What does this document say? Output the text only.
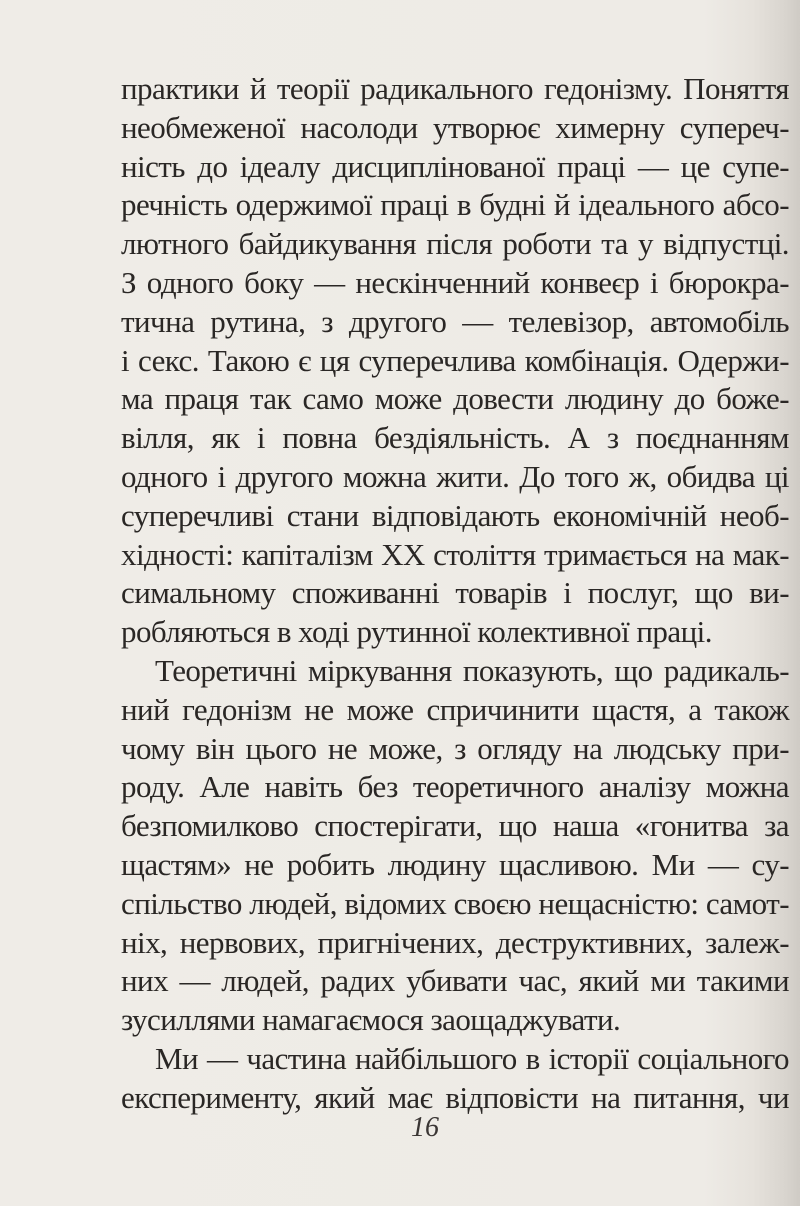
практики й теорії радикального гедонізму. Поняття
необмеженої насолоди утворює химерну супереч-
ність до ідеалу дисциплінованої праці — це супе-
речність одержимої праці в будні й ідеального абсо-
лютного байдикування після роботи та у відпустці.
З одного боку — нескінченний конвеєр і бюрокра-
тична рутина, з другого — телевізор, автомобіль
і секс. Такою є ця суперечлива комбінація. Одержи-
ма праця так само може довести людину до боже-
вілля, як і повна бездіяльність. А з поєднанням
одного і другого можна жити. До того ж, обидва ці
суперечливі стани відповідають економічній необ-
хідності: капіталізм XX століття тримається на мак-
симальному споживанні товарів і послуг, що ви-
робляються в ході рутинної колективної праці.
Теоретичні міркування показують, що радикаль-
ний гедонізм не може спричинити щастя, а також
чому він цього не може, з огляду на людську при-
роду. Але навіть без теоретичного аналізу можна
безпомилково спостерігати, що наша «гонитва за
щастям» не робить людину щасливою. Ми — су-
спільство людей, відомих своєю нещасністю: самот-
ніх, нервових, пригнічених, деструктивних, залеж-
них — людей, радих убивати час, який ми такими
зусиллями намагаємося заощаджувати.
Ми — частина найбільшого в історії соціального
експерименту, який має відповісти на питання, чи
16
